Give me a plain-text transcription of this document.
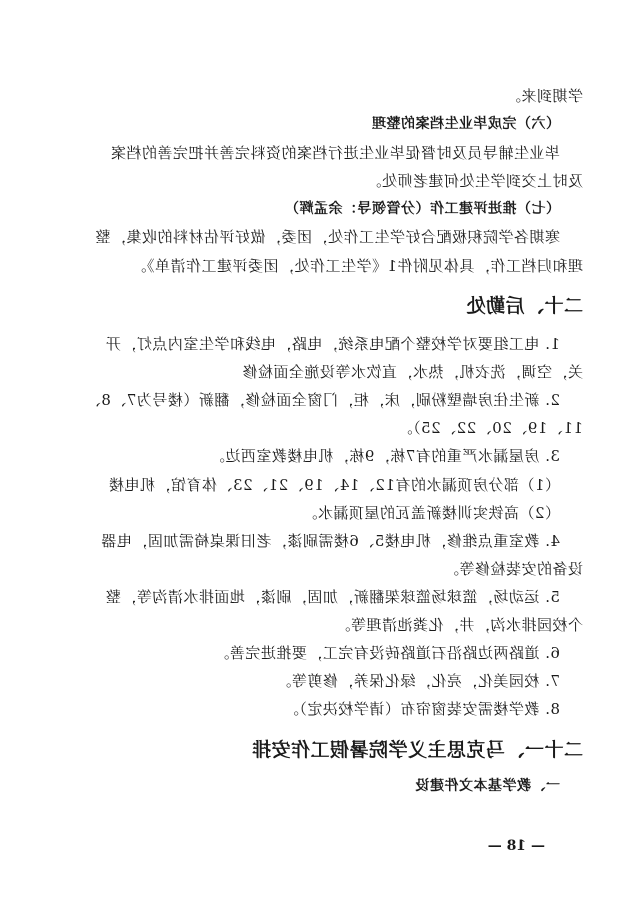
学期到来。
（六）完成毕业生档案的整理
毕业生辅导员及时督促毕业生进行档案的资料完善并把完善的档案
及时上交到学生处何建老师处。
（七）推进评建工作（分管领导：余孟辉）
寒期各学院积极配合好学生工作处，团委，做好评估材料的收集，整
理和归档工作，具体见附件1《学生工作处，团委评建工作清单》。
二十、后勤处
1. 电工组要对学校整个配电系统，电路，电线和学生室内点灯，开
关，空调，洗衣机，热水，直饮水等设施全面检修
2. 新生住房墙壁粉刷，床，柜，门窗全面检修，翻新（楼号为7、8、
11、19、20、22、25）。
3. 房屋漏水严重的有7栋，9栋，机电楼教室西边。
（1）部分房顶漏水的有12、14、19、21、23、体育馆，机电楼
（2）高铁实训楼新盖瓦的屋顶漏水。
4. 教室重点维修，机电楼5、6楼需刷漆，老旧课桌椅需加固，电器
设备的安装检修等。
5. 运动场，篮球场篮球架翻新，加固，刷漆，地面排水清沟等，整
个校园排水沟，井，化粪池清理等。
6. 道路两边路沿石道路砖没有完工，要推进完善。
7. 校园美化，亮化，绿化保养，修剪等。
8. 教学楼需安装窗帘布（请学校决定）。
二十一、马克思主义学院暑假工作安排
一、教学基本文件建设
— 18 —
